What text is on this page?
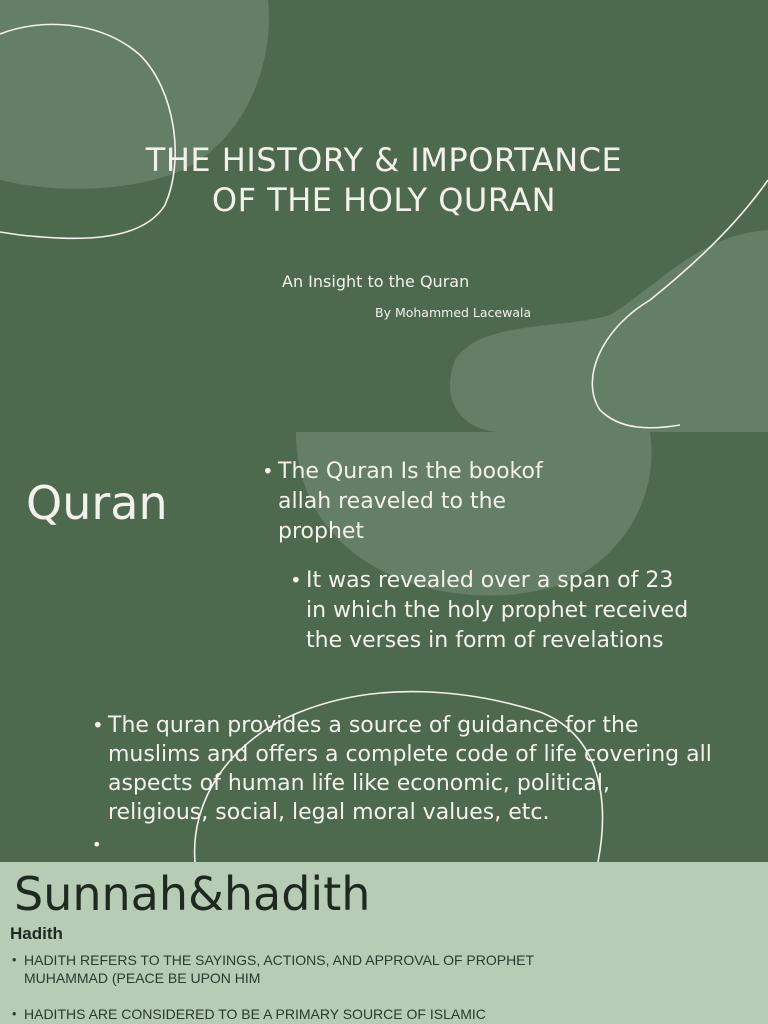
THE HISTORY & IMPORTANCE
OF THE HOLY QURAN
An Insight to the Quran
By Mohammed Lacewala
Quran
• The Quran Is the bookof allah reaveled to the prophet
• It was revealed over a span of 23 in which the holy prophet received the verses in form of revelations
• The quran provides a source of guidance for the muslims and offers a complete code of life covering all aspects of human life like economic, political, religious, social, legal moral values, etc.
Sunnah&hadith
Hadith
• HADITH REFERS TO THE SAYINGS, ACTIONS, AND APPROVAL OF PROPHET MUHAMMAD (PEACE BE UPON HIM
• HADITHS ARE CONSIDERED TO BE A PRIMARY SOURCE OF ISLAMIC
